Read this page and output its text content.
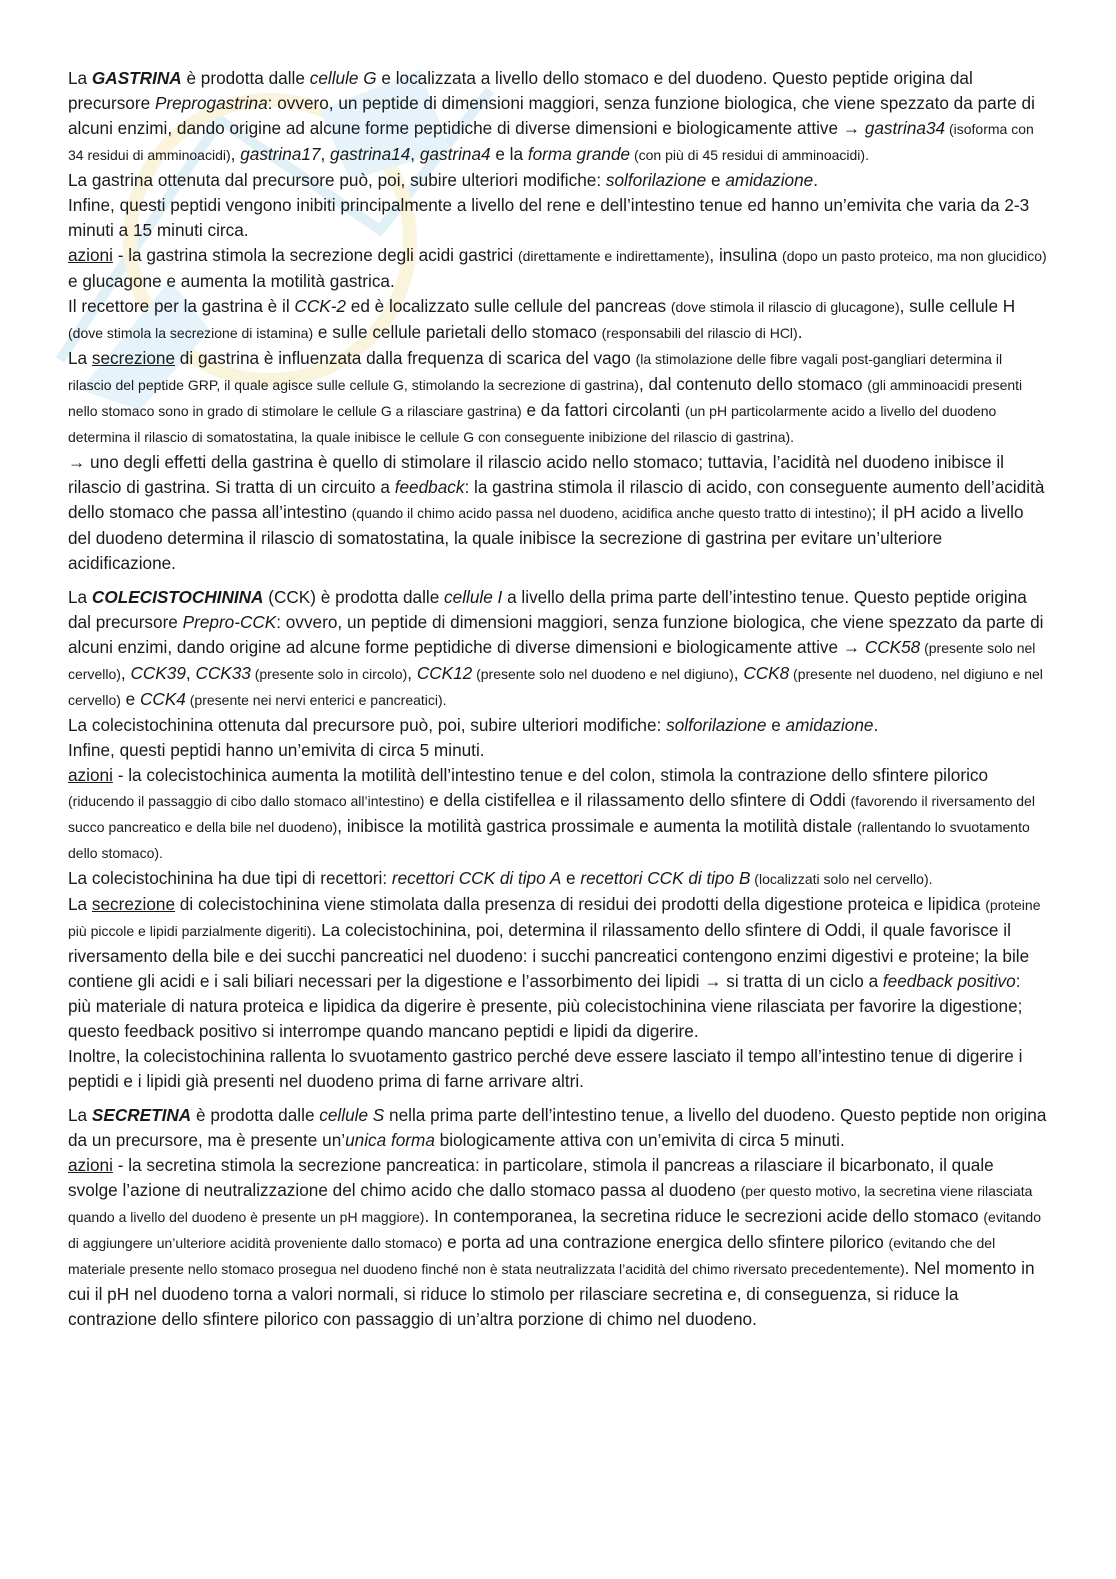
La GASTRINA è prodotta dalle cellule G e localizzata a livello dello stomaco e del duodeno. Questo peptide origina dal precursore Preprogastrina: ovvero, un peptide di dimensioni maggiori, senza funzione biologica, che viene spezzato da parte di alcuni enzimi, dando origine ad alcune forme peptidiche di diverse dimensioni e biologicamente attive → gastrina34 (isoforma con 34 residui di amminoacidi), gastrina17, gastrina14, gastrina4 e la forma grande (con più di 45 residui di amminoacidi).

La gastrina ottenuta dal precursore può, poi, subire ulteriori modifiche: solforilazione e amidazione.

Infine, questi peptidi vengono inibiti principalmente a livello del rene e dell’intestino tenue ed hanno un’emivita che varia da 2-3 minuti a 15 minuti circa.

azioni - la gastrina stimola la secrezione degli acidi gastrici (direttamente e indirettamente), insulina (dopo un pasto proteico, ma non glucidico) e glucagone e aumenta la motilità gastrica.

Il recettore per la gastrina è il CCK-2 ed è localizzato sulle cellule del pancreas (dove stimola il rilascio di glucagone), sulle cellule H (dove stimola la secrezione di istamina) e sulle cellule parietali dello stomaco (responsabili del rilascio di HCl).

La secrezione di gastrina è influenzata dalla frequenza di scarica del vago (la stimolazione delle fibre vagali post-gangliari determina il rilascio del peptide GRP, il quale agisce sulle cellule G, stimolando la secrezione di gastrina), dal contenuto dello stomaco (gli amminoacidi presenti nello stomaco sono in grado di stimolare le cellule G a rilasciare gastrina) e da fattori circolanti (un pH particolarmente acido a livello del duodeno determina il rilascio di somatostatina, la quale inibisce le cellule G con conseguente inibizione del rilascio di gastrina).

→ uno degli effetti della gastrina è quello di stimolare il rilascio acido nello stomaco; tuttavia, l’acidità nel duodeno inibisce il rilascio di gastrina. Si tratta di un circuito a feedback: la gastrina stimola il rilascio di acido, con conseguente aumento dell’acidità dello stomaco che passa all’intestino (quando il chimo acido passa nel duodeno, acidifica anche questo tratto di intestino); il pH acido a livello del duodeno determina il rilascio di somatostatina, la quale inibisce la secrezione di gastrina per evitare un’ulteriore acidificazione.

La COLECISTOCHININA (CCK) è prodotta dalle cellule I a livello della prima parte dell’intestino tenue. Questo peptide origina dal precursore Prepro-CCK: ovvero, un peptide di dimensioni maggiori, senza funzione biologica, che viene spezzato da parte di alcuni enzimi, dando origine ad alcune forme peptidiche di diverse dimensioni e biologicamente attive → CCK58 (presente solo nel cervello), CCK39, CCK33 (presente solo in circolo), CCK12 (presente solo nel duodeno e nel digiuno), CCK8 (presente nel duodeno, nel digiuno e nel cervello) e CCK4 (presente nei nervi enterici e pancreatici).

La colecistochinina ottenuta dal precursore può, poi, subire ulteriori modifiche: solforilazione e amidazione.

Infine, questi peptidi hanno un’emivita di circa 5 minuti.

azioni - la colecistochinica aumenta la motilità dell’intestino tenue e del colon, stimola la contrazione dello sfintere pilorico (riducendo il passaggio di cibo dallo stomaco all’intestino) e della cistifellea e il rilassamento dello sfintere di Oddi (favorendo il riversamento del succo pancreatico e della bile nel duodeno), inibisce la motilità gastrica prossimale e aumenta la motilità distale (rallentando lo svuotamento dello stomaco).

La colecistochinina ha due tipi di recettori: recettori CCK di tipo A e recettori CCK di tipo B (localizzati solo nel cervello).

La secrezione di colecistochinina viene stimolata dalla presenza di residui dei prodotti della digestione proteica e lipidica (proteine più piccole e lipidi parzialmente digeriti). La colecistochinina, poi, determina il rilassamento dello sfintere di Oddi, il quale favorisce il riversamento della bile e dei succhi pancreatici nel duodeno: i succhi pancreatici contengono enzimi digestivi e proteine; la bile contiene gli acidi e i sali biliari necessari per la digestione e l’assorbimento dei lipidi → si tratta di un ciclo a feedback positivo: più materiale di natura proteica e lipidica da digerire è presente, più colecistochinina viene rilasciata per favorire la digestione; questo feedback positivo si interrompe quando mancano peptidi e lipidi da digerire.

Inoltre, la colecistochinina rallenta lo svuotamento gastrico perché deve essere lasciato il tempo all’intestino tenue di digerire i peptidi e i lipidi già presenti nel duodeno prima di farne arrivare altri.

La SECRETINA è prodotta dalle cellule S nella prima parte dell’intestino tenue, a livello del duodeno. Questo peptide non origina da un precursore, ma è presente un’unica forma biologicamente attiva con un’emivita di circa 5 minuti.

azioni - la secretina stimola la secrezione pancreatica: in particolare, stimola il pancreas a rilasciare il bicarbonato, il quale svolge l’azione di neutralizzazione del chimo acido che dallo stomaco passa al duodeno (per questo motivo, la secretina viene rilasciata quando a livello del duodeno è presente un pH maggiore). In contemporanea, la secretina riduce le secrezioni acide dello stomaco (evitando di aggiungere un’ulteriore acidità proveniente dallo stomaco) e porta ad una contrazione energica dello sfintere pilorico (evitando che del materiale presente nello stomaco prosegua nel duodeno finché non è stata neutralizzata l’acidità del chimo riversato precedentemente). Nel momento in cui il pH nel duodeno torna a valori normali, si riduce lo stimolo per rilasciare secretina e, di conseguenza, si riduce la contrazione dello sfintere pilorico con passaggio di un’altra porzione di chimo nel duodeno.
